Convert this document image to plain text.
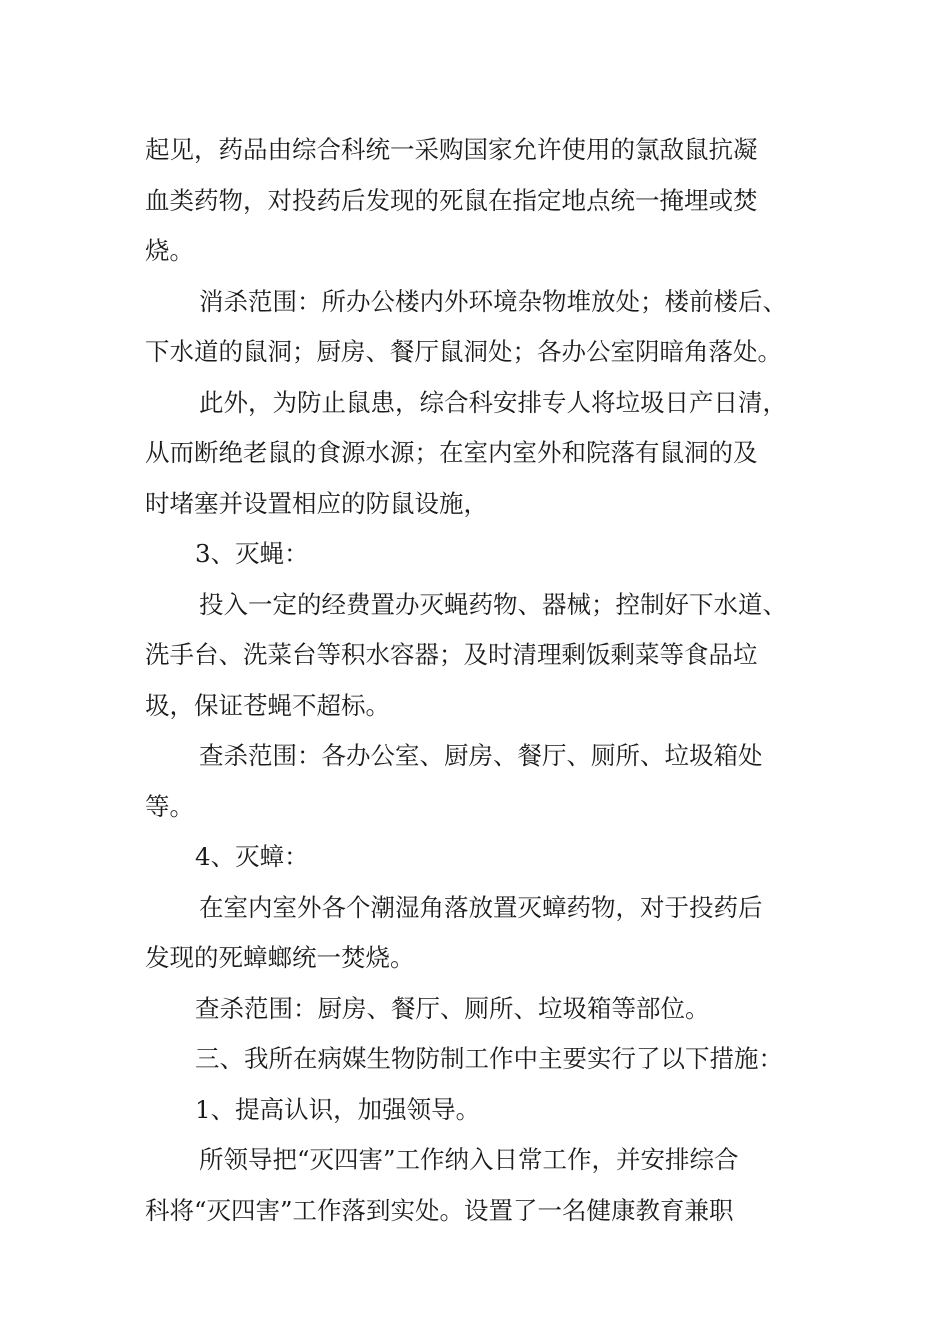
起见，药品由综合科统一采购国家允许使用的氯敌鼠抗凝
血类药物，对投药后发现的死鼠在指定地点统一掩埋或焚
烧。
消杀范围：所办公楼内外环境杂物堆放处；楼前楼后、
下水道的鼠洞；厨房、餐厅鼠洞处；各办公室阴暗角落处。
此外，为防止鼠患，综合科安排专人将垃圾日产日清，
从而断绝老鼠的食源水源；在室内室外和院落有鼠洞的及
时堵塞并设置相应的防鼠设施，
3、灭蝇：
投入一定的经费置办灭蝇药物、器械；控制好下水道、
洗手台、洗菜台等积水容器；及时清理剩饭剩菜等食品垃
圾，保证苍蝇不超标。
查杀范围：各办公室、厨房、餐厅、厕所、垃圾箱处
等。
4、灭蟑：
在室内室外各个潮湿角落放置灭蟑药物，对于投药后
发现的死蟑螂统一焚烧。
查杀范围：厨房、餐厅、厕所、垃圾箱等部位。
三、我所在病媒生物防制工作中主要实行了以下措施：
1、提高认识，加强领导。
所领导把“灭四害”工作纳入日常工作，并安排综合
科将“灭四害”工作落到实处。设置了一名健康教育兼职
